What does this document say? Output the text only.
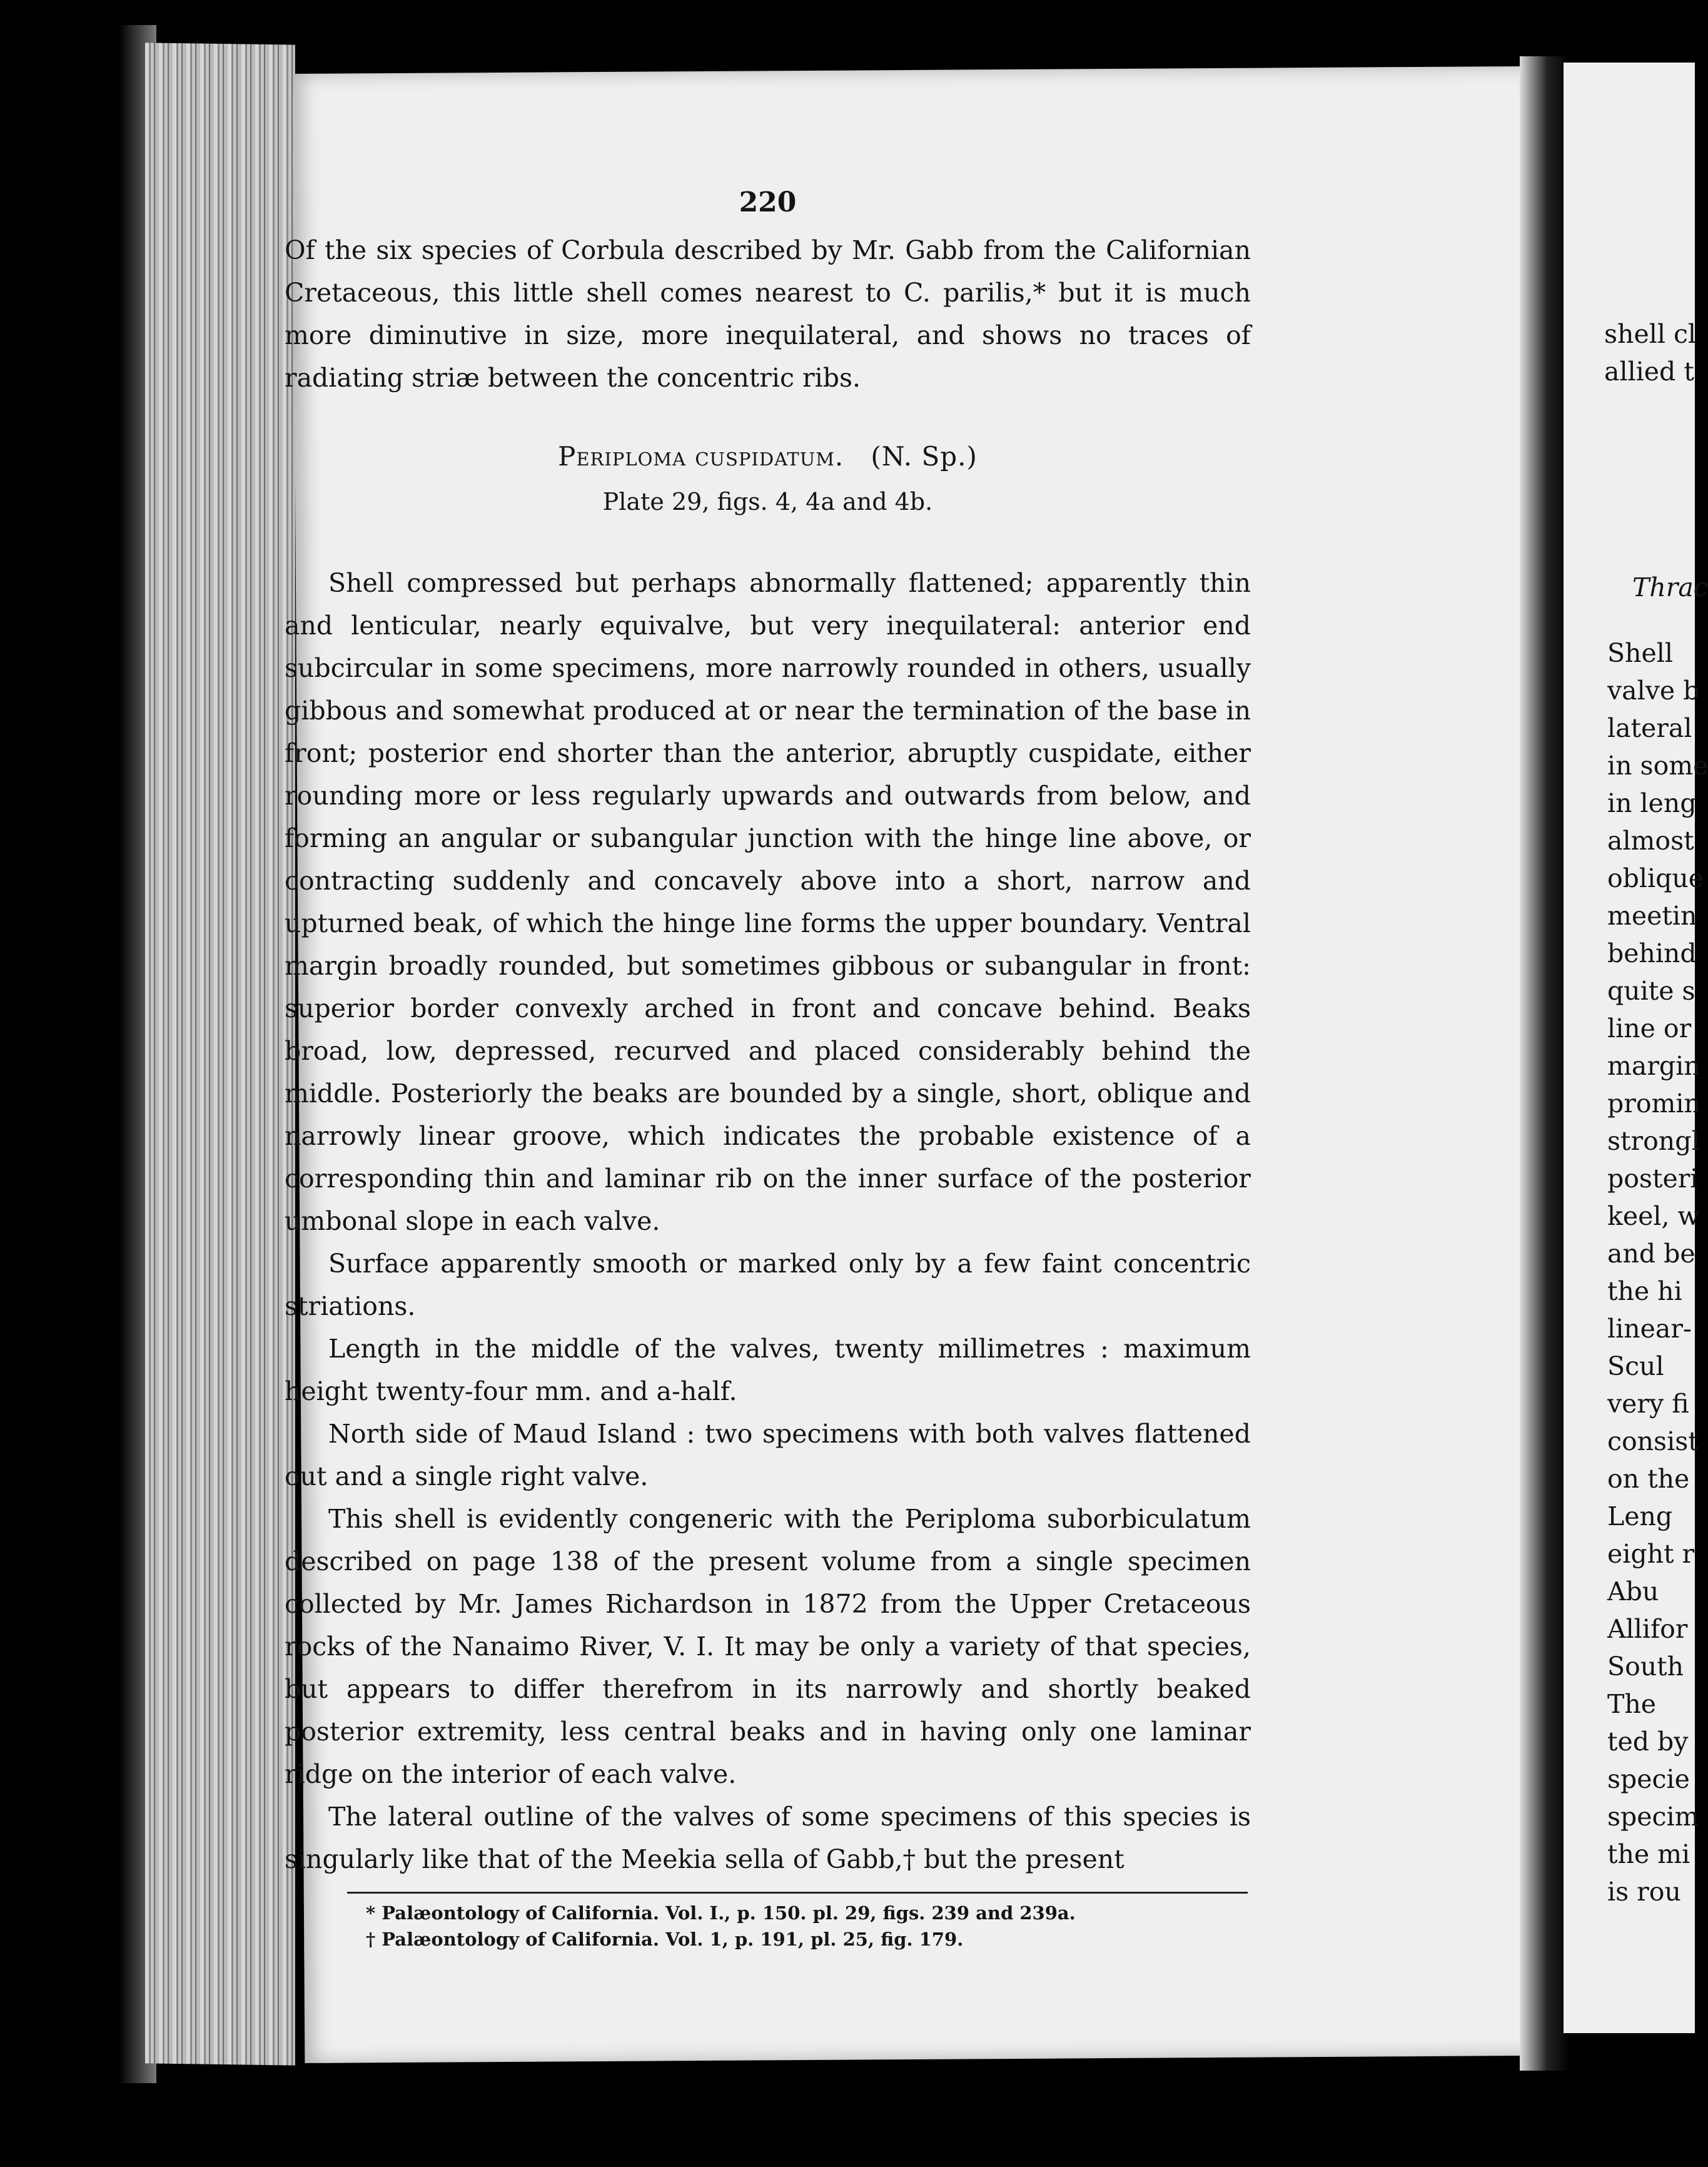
220

Of the six species of Corbula described by Mr. Gabb from the Californian Cretaceous, this little shell comes nearest to C. parilis,* but it is much more diminutive in size, more inequilateral, and shows no traces of radiating striæ between the concentric ribs.

Periploma cuspidatum. (N. Sp.)
Plate 29, figs. 4, 4a and 4b.

Shell compressed but perhaps abnormally flattened; apparently thin and lenticular, nearly equivalve, but very inequilateral: anterior end subcircular in some specimens, more narrowly rounded in others, usually gibbous and somewhat produced at or near the termination of the base in front; posterior end shorter than the anterior, abruptly cuspidate, either rounding more or less regularly upwards and outwards from below, and forming an angular or subangular junction with the hinge line above, or contracting suddenly and concavely above into a short, narrow and upturned beak, of which the hinge line forms the upper boundary. Ventral margin broadly rounded, but sometimes gibbous or subangular in front: superior border convexly arched in front and concave behind. Beaks broad, low, depressed, recurved and placed considerably behind the middle. Posteriorly the beaks are bounded by a single, short, oblique and narrowly linear groove, which indicates the probable existence of a corresponding thin and laminar rib on the inner surface of the posterior umbonal slope in each valve.

Surface apparently smooth or marked only by a few faint concentric striations.

Length in the middle of the valves, twenty millimetres : maximum height twenty-four mm. and a-half.

North side of Maud Island : two specimens with both valves flattened out and a single right valve.

This shell is evidently congeneric with the Periploma suborbiculatum described on page 138 of the present volume from a single specimen collected by Mr. James Richardson in 1872 from the Upper Cretaceous rocks of the Nanaimo River, V. I. It may be only a variety of that species, but appears to differ therefrom in its narrowly and shortly beaked posterior extremity, less central beaks and in having only one laminar ridge on the interior of each valve.

The lateral outline of the valves of some specimens of this species is singularly like that of the Meekia sella of Gabb,† but the present

* Palæontology of California. Vol. I., p. 150. pl. 29, figs. 239 and 239a.
† Palæontology of California. Vol. 1, p. 191, pl. 25, fig. 179.
shell cl
allied t
Thrac
Shell
valve b
lateral
in some
in leng
almost
oblique
meetin
behind
quite s
line or
margin
promin
strongl
posteri
keel, w
and be
the hi
linear-
Scul
very fi
consist
on the
Leng
eight r
Abu
Allifor
South
The
ted by
specie
specim
the mi
is rou
